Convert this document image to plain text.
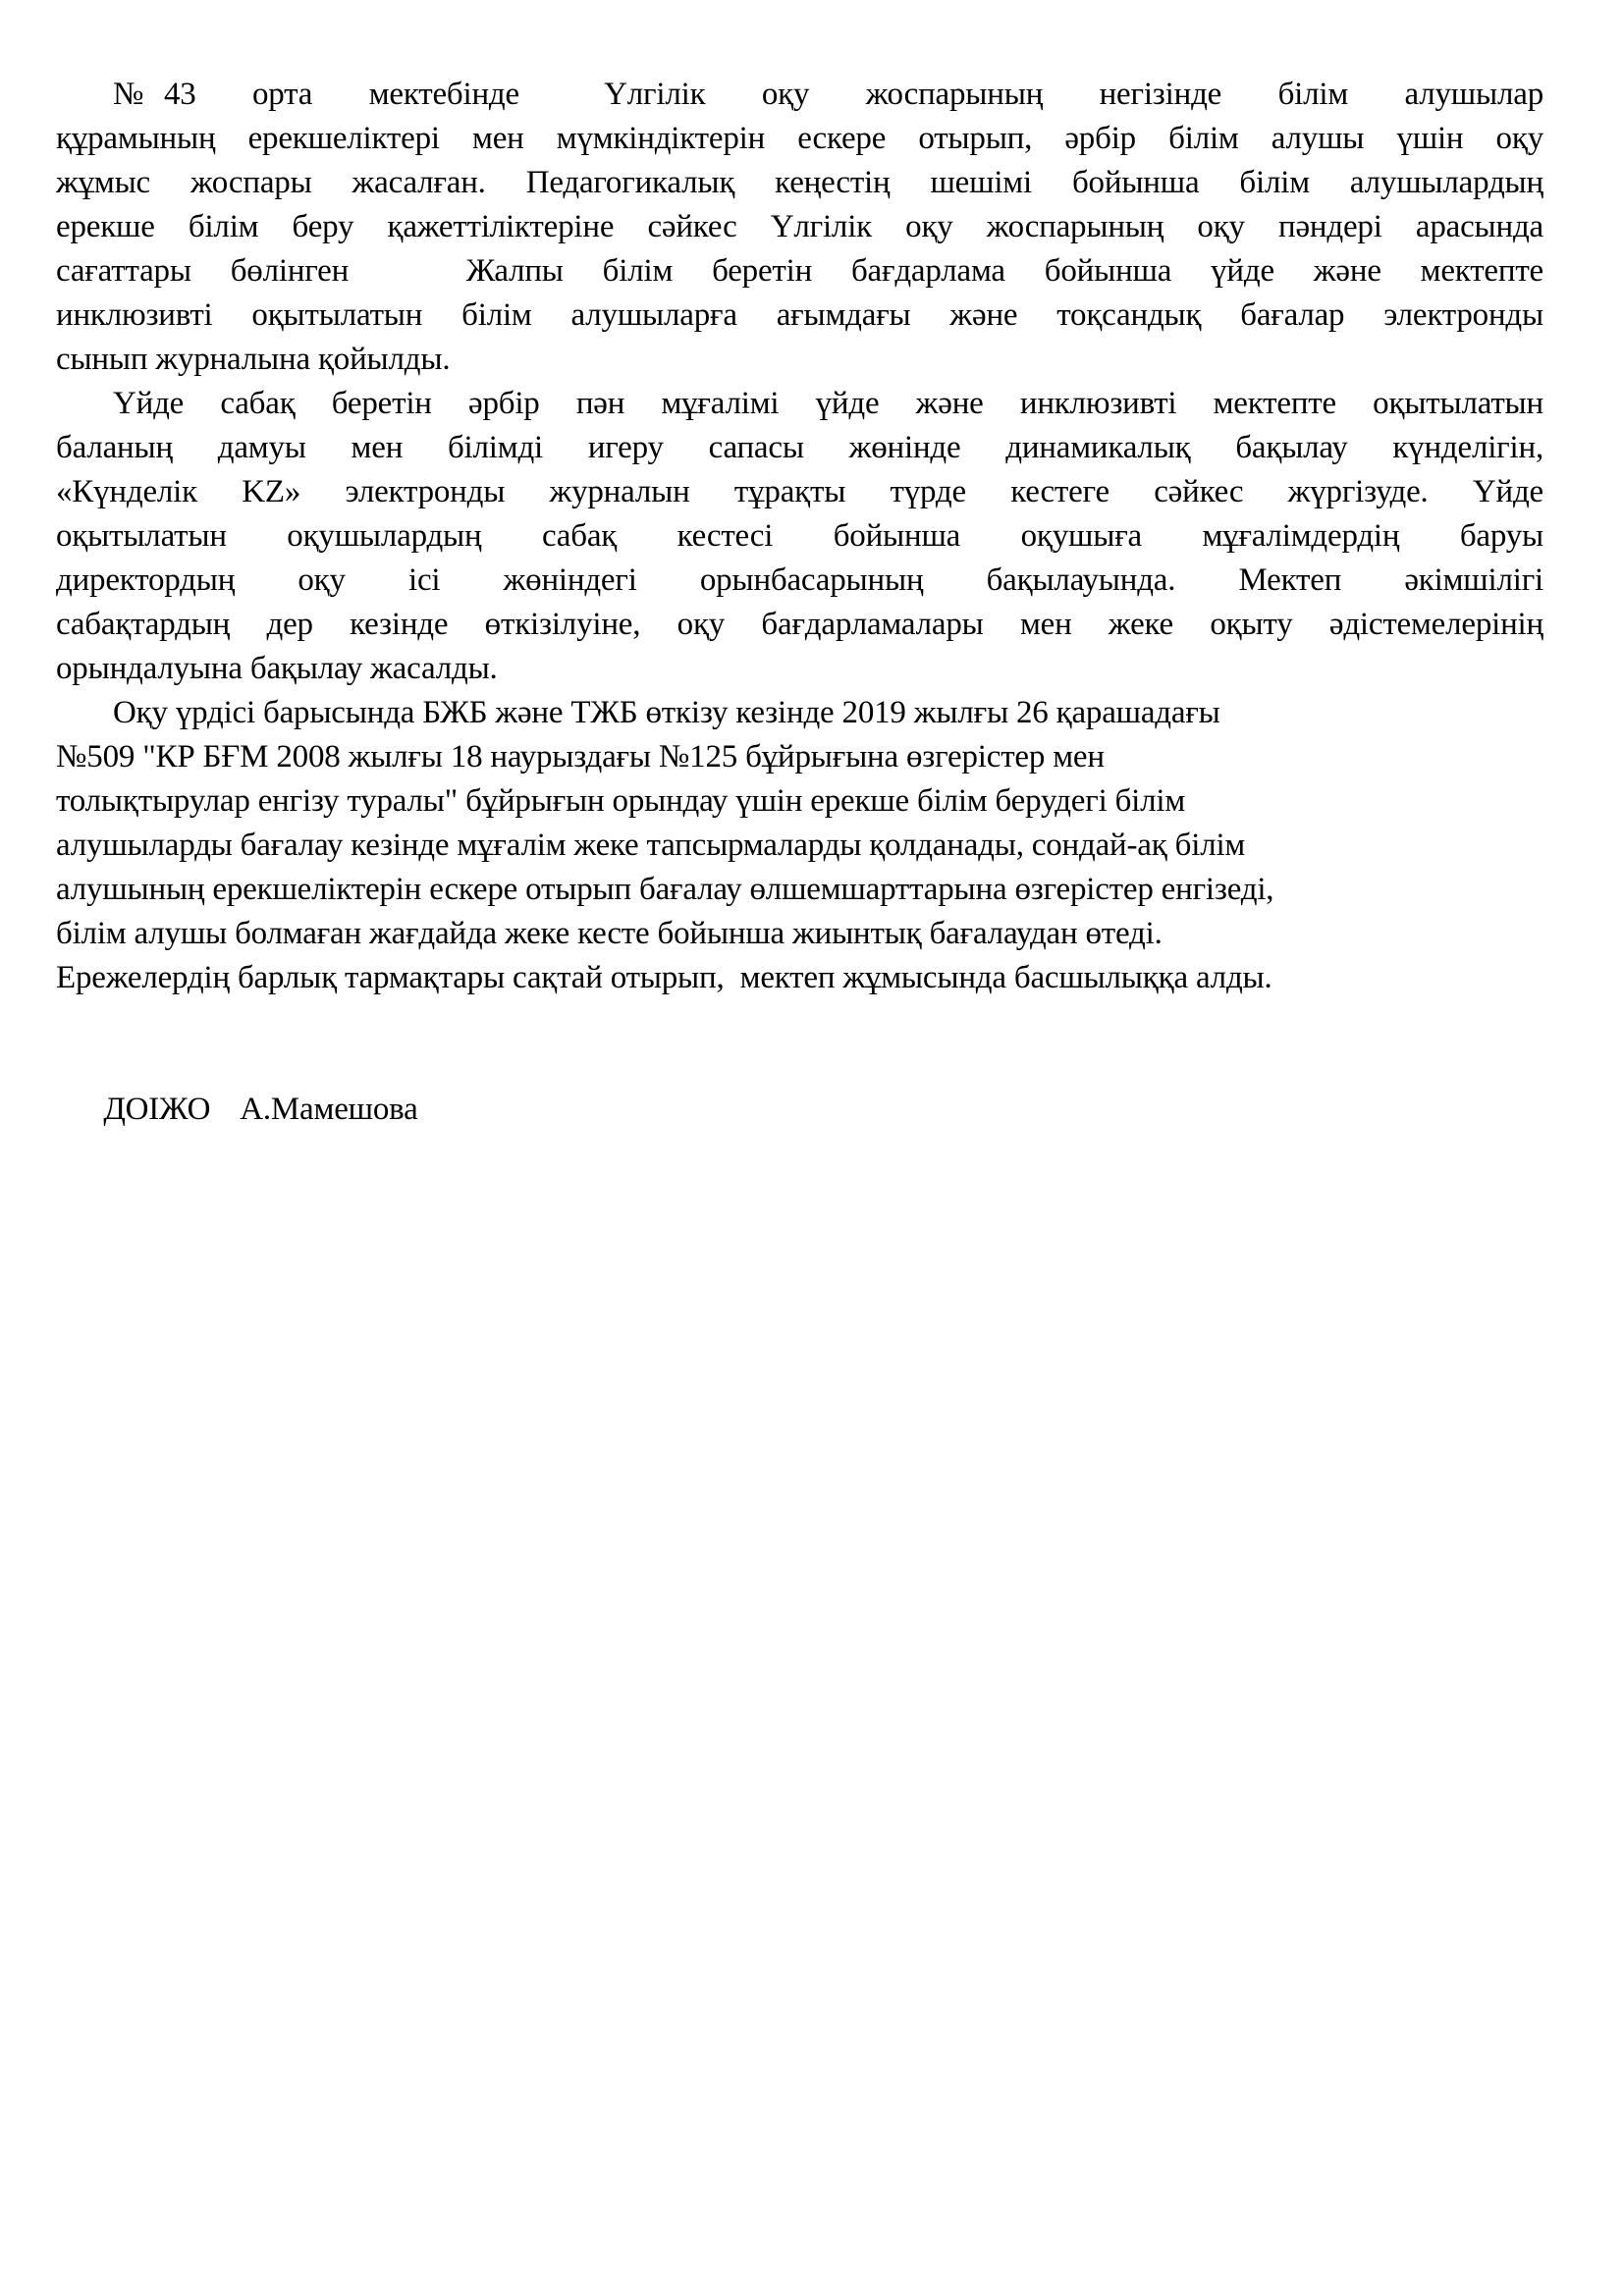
№43  орта  мектебінде   Үлгілік  оқу  жоспарының  негізінде  білім  алушылар
құрамының ерекшеліктері мен мүмкіндіктерін ескере отырып, әрбір білім алушы үшін оқу
жұмыс жоспары жасалған. Педагогикалық кеңестің шешімі бойынша білім алушылардың
ерекше білім беру қажеттіліктеріне сәйкес Үлгілік оқу жоспарының оқу пәндері арасында
сағаттары бөлінген   Жалпы білім беретін бағдарлама бойынша үйде және мектепте
инклюзивті оқытылатын білім алушыларға ағымдағы және тоқсандық бағалар электронды
сынып журналына қойылды.
Үйде сабақ беретін әрбір пән мұғалімі үйде және инклюзивті мектепте оқытылатын
баланың дамуы мен білімді игеру сапасы жөнінде динамикалық бақылау күнделігін,
«Күнделік KZ» электронды журналын тұрақты түрде кестеге сәйкес жүргізуде. Үйде
оқытылатын оқушылардың сабақ кестесі бойынша оқушыға мұғалімдердің баруы
директордың оқу ісі жөніндегі орынбасарының бақылауында. Мектеп әкімшілігі
сабақтардың дер кезінде өткізілуіне, оқу бағдарламалары мен жеке оқыту әдістемелерінің
орындалуына бақылау жасалды.
Оқу үрдісі барысында БЖБ және ТЖБ өткізу кезінде 2019 жылғы 26 қарашадағы
№509 "КР БҒМ 2008 жылғы 18 наурыздағы №125 бұйрығына өзгерістер мен
толықтырулар енгізу туралы" бұйрығын орындау үшін ерекше білім берудегі білім
алушыларды бағалау кезінде мұғалім жеке тапсырмаларды қолданады, сондай-ақ білім
алушының ерекшеліктерін ескере отырып бағалау өлшемшарттарына өзгерістер енгізеді,
білім алушы болмаған жағдайда жеке кесте бойынша жиынтық бағалаудан өтеді.
Ережелердің барлық тармақтары сақтай отырып,  мектеп жұмысында басшылыққа алды.

ДОІЖО А.Мамешова
